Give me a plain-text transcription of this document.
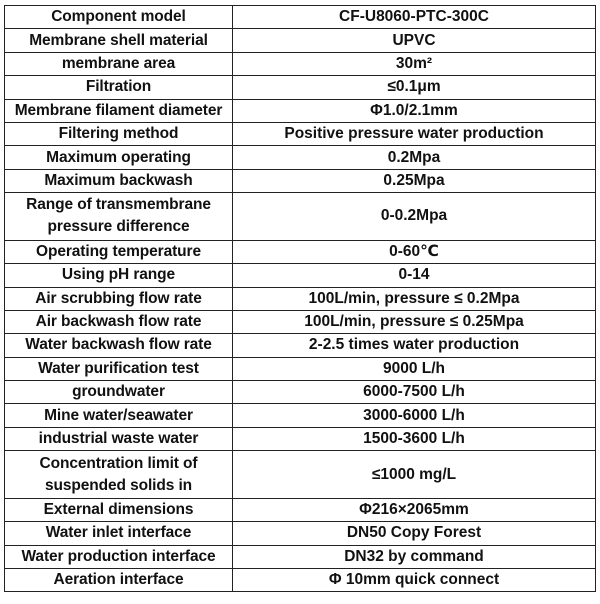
Component model	CF-U8060-PTC-300C
Membrane shell material	UPVC
membrane area	30m²
Filtration	≤0.1μm
Membrane filament diameter	Φ1.0/2.1mm
Filtering method	Positive pressure water production
Maximum operating	0.2Mpa
Maximum backwash	0.25Mpa
Range of transmembrane pressure difference	0-0.2Mpa
Operating temperature	0-60℃
Using pH range	0-14
Air scrubbing flow rate	100L/min, pressure ≤ 0.2Mpa
Air backwash flow rate	100L/min, pressure ≤ 0.25Mpa
Water backwash flow rate	2-2.5 times water production
Water purification test	9000 L/h
groundwater	6000-7500 L/h
Mine water/seawater	3000-6000 L/h
industrial waste water	1500-3600 L/h
Concentration limit of suspended solids in	≤1000 mg/L
External dimensions	Φ216×2065mm
Water inlet interface	DN50 Copy Forest
Water production interface	DN32 by command
Aeration interface	Φ 10mm quick connect
